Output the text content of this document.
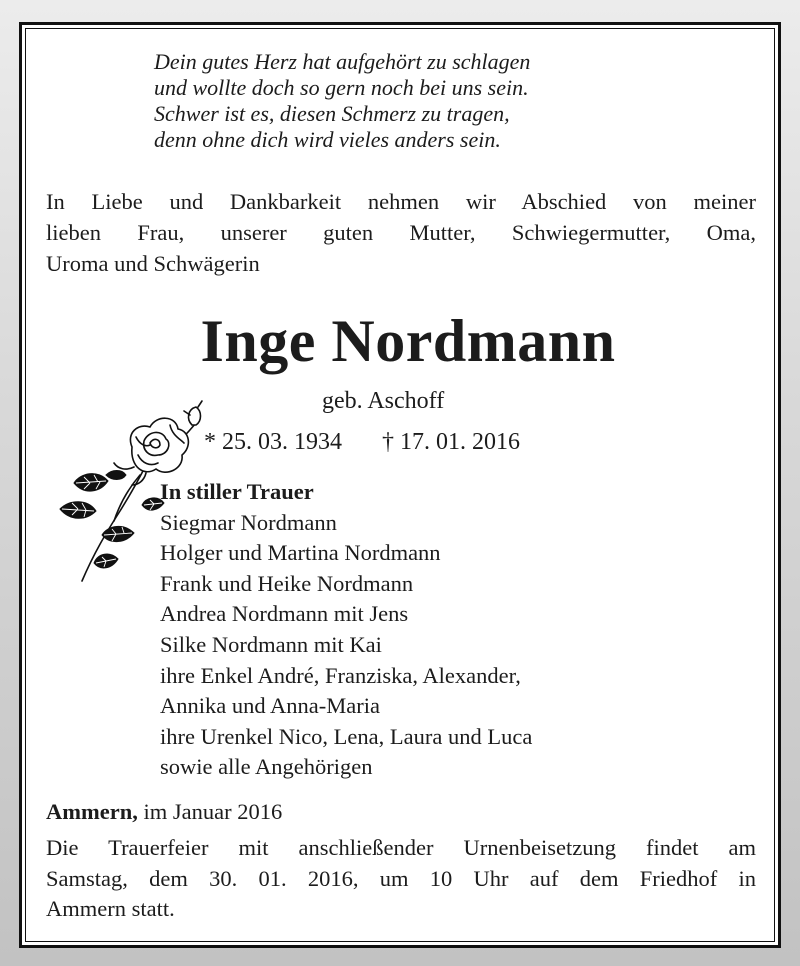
Dein gutes Herz hat aufgehört zu schlagen
und wollte doch so gern noch bei uns sein.
Schwer ist es, diesen Schmerz zu tragen,
denn ohne dich wird vieles anders sein.
In Liebe und Dankbarkeit nehmen wir Abschied von meiner
lieben Frau, unserer guten Mutter, Schwiegermutter, Oma,
Uroma und Schwägerin
Inge Nordmann
geb. Aschoff
* 25. 03. 1934 † 17. 01. 2016
In stiller Trauer
Siegmar Nordmann
Holger und Martina Nordmann
Frank und Heike Nordmann
Andrea Nordmann mit Jens
Silke Nordmann mit Kai
ihre Enkel André, Franziska, Alexander,
Annika und Anna-Maria
ihre Urenkel Nico, Lena, Laura und Luca
sowie alle Angehörigen
Ammern, im Januar 2016
Die Trauerfeier mit anschließender Urnenbeisetzung findet am
Samstag, dem 30. 01. 2016, um 10 Uhr auf dem Friedhof in
Ammern statt.
